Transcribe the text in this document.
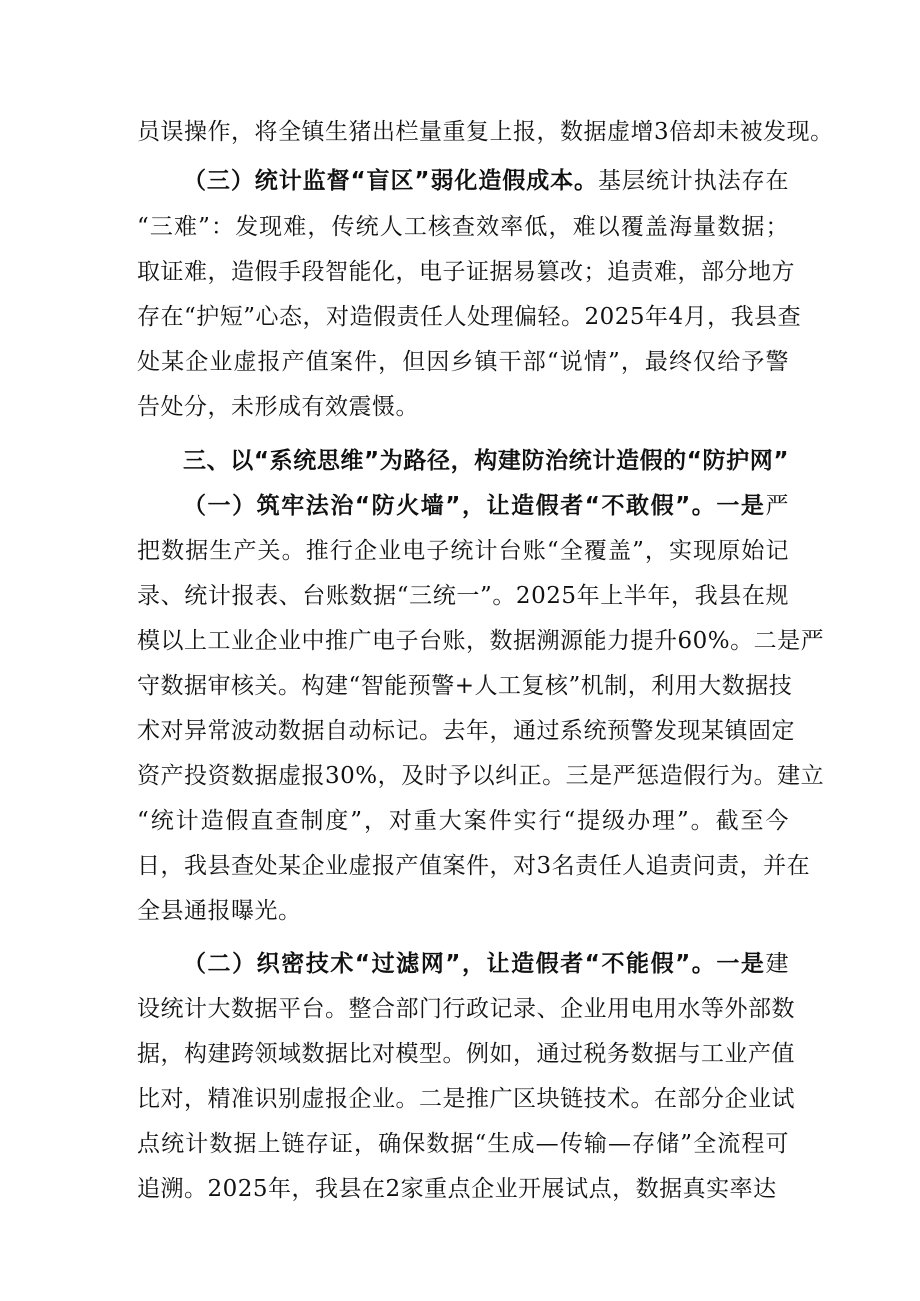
员误操作，将全镇生猪出栏量重复上报，数据虚增3倍却未被发现。
（三）统计监督“盲区”弱化造假成本。基层统计执法存在
“三难”：发现难，传统人工核查效率低，难以覆盖海量数据；
取证难，造假手段智能化，电子证据易篡改；追责难，部分地方
存在“护短”心态，对造假责任人处理偏轻。2025年4月，我县查
处某企业虚报产值案件，但因乡镇干部“说情”，最终仅给予警
告处分，未形成有效震慑。
三、以“系统思维”为路径，构建防治统计造假的“防护网”
（一）筑牢法治“防火墙”，让造假者“不敢假”。一是严
把数据生产关。推行企业电子统计台账“全覆盖”，实现原始记
录、统计报表、台账数据“三统一”。2025年上半年，我县在规
模以上工业企业中推广电子台账，数据溯源能力提升60%。二是严
守数据审核关。构建“智能预警+人工复核”机制，利用大数据技
术对异常波动数据自动标记。去年，通过系统预警发现某镇固定
资产投资数据虚报30%，及时予以纠正。三是严惩造假行为。建立
“统计造假直查制度”，对重大案件实行“提级办理”。截至今
日，我县查处某企业虚报产值案件，对3名责任人追责问责，并在
全县通报曝光。
（二）织密技术“过滤网”，让造假者“不能假”。一是建
设统计大数据平台。整合部门行政记录、企业用电用水等外部数
据，构建跨领域数据比对模型。例如，通过税务数据与工业产值
比对，精准识别虚报企业。二是推广区块链技术。在部分企业试
点统计数据上链存证，确保数据“生成—传输—存储”全流程可
追溯。2025年，我县在2家重点企业开展试点，数据真实率达
